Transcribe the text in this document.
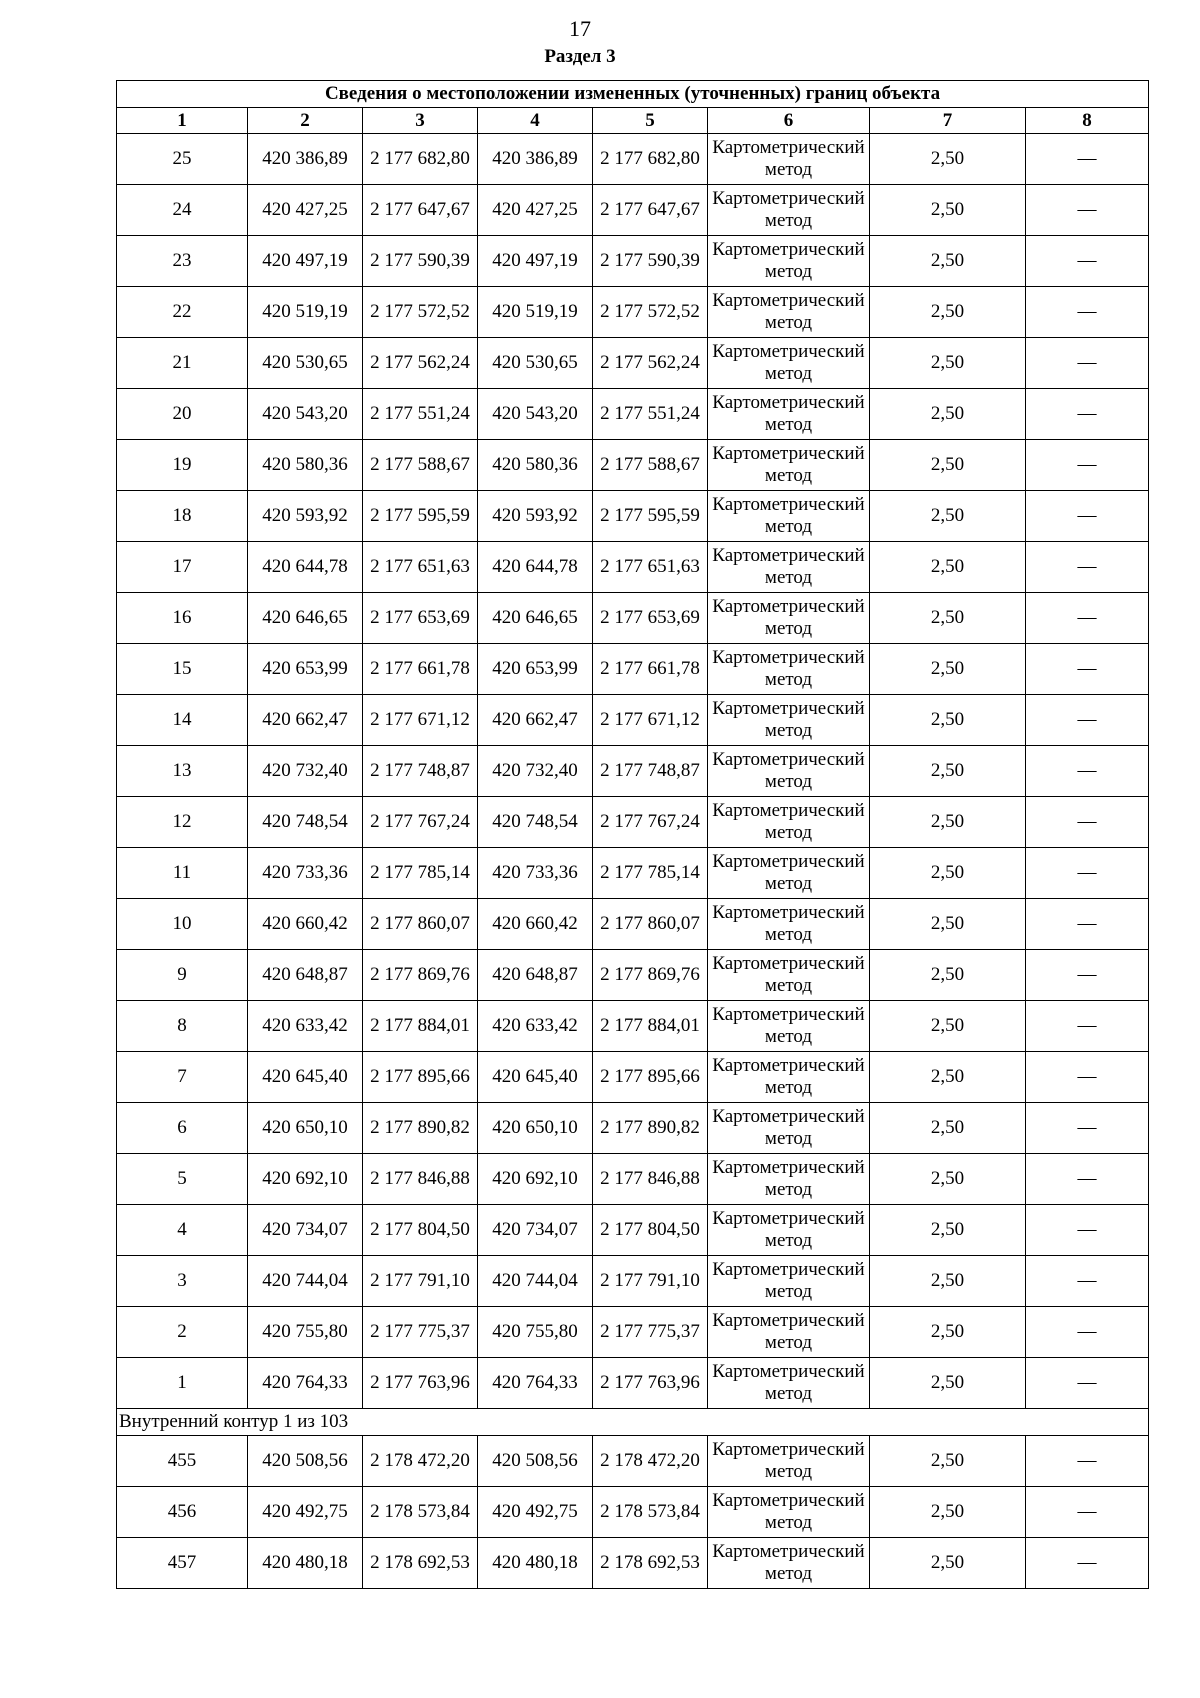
17
Раздел 3
Сведения о местоположении измененных (уточненных) границ объекта							
1	2	3	4	5	6	7	8
25	420 386,89	2 177 682,80	420 386,89	2 177 682,80	Картометрический метод	2,50	—
24	420 427,25	2 177 647,67	420 427,25	2 177 647,67	Картометрический метод	2,50	—
23	420 497,19	2 177 590,39	420 497,19	2 177 590,39	Картометрический метод	2,50	—
22	420 519,19	2 177 572,52	420 519,19	2 177 572,52	Картометрический метод	2,50	—
21	420 530,65	2 177 562,24	420 530,65	2 177 562,24	Картометрический метод	2,50	—
20	420 543,20	2 177 551,24	420 543,20	2 177 551,24	Картометрический метод	2,50	—
19	420 580,36	2 177 588,67	420 580,36	2 177 588,67	Картометрический метод	2,50	—
18	420 593,92	2 177 595,59	420 593,92	2 177 595,59	Картометрический метод	2,50	—
17	420 644,78	2 177 651,63	420 644,78	2 177 651,63	Картометрический метод	2,50	—
16	420 646,65	2 177 653,69	420 646,65	2 177 653,69	Картометрический метод	2,50	—
15	420 653,99	2 177 661,78	420 653,99	2 177 661,78	Картометрический метод	2,50	—
14	420 662,47	2 177 671,12	420 662,47	2 177 671,12	Картометрический метод	2,50	—
13	420 732,40	2 177 748,87	420 732,40	2 177 748,87	Картометрический метод	2,50	—
12	420 748,54	2 177 767,24	420 748,54	2 177 767,24	Картометрический метод	2,50	—
11	420 733,36	2 177 785,14	420 733,36	2 177 785,14	Картометрический метод	2,50	—
10	420 660,42	2 177 860,07	420 660,42	2 177 860,07	Картометрический метод	2,50	—
9	420 648,87	2 177 869,76	420 648,87	2 177 869,76	Картометрический метод	2,50	—
8	420 633,42	2 177 884,01	420 633,42	2 177 884,01	Картометрический метод	2,50	—
7	420 645,40	2 177 895,66	420 645,40	2 177 895,66	Картометрический метод	2,50	—
6	420 650,10	2 177 890,82	420 650,10	2 177 890,82	Картометрический метод	2,50	—
5	420 692,10	2 177 846,88	420 692,10	2 177 846,88	Картометрический метод	2,50	—
4	420 734,07	2 177 804,50	420 734,07	2 177 804,50	Картометрический метод	2,50	—
3	420 744,04	2 177 791,10	420 744,04	2 177 791,10	Картометрический метод	2,50	—
2	420 755,80	2 177 775,37	420 755,80	2 177 775,37	Картометрический метод	2,50	—
1	420 764,33	2 177 763,96	420 764,33	2 177 763,96	Картометрический метод	2,50	—
Внутренний контур 1 из 103							
455	420 508,56	2 178 472,20	420 508,56	2 178 472,20	Картометрический метод	2,50	—
456	420 492,75	2 178 573,84	420 492,75	2 178 573,84	Картометрический метод	2,50	—
457	420 480,18	2 178 692,53	420 480,18	2 178 692,53	Картометрический метод	2,50	—
